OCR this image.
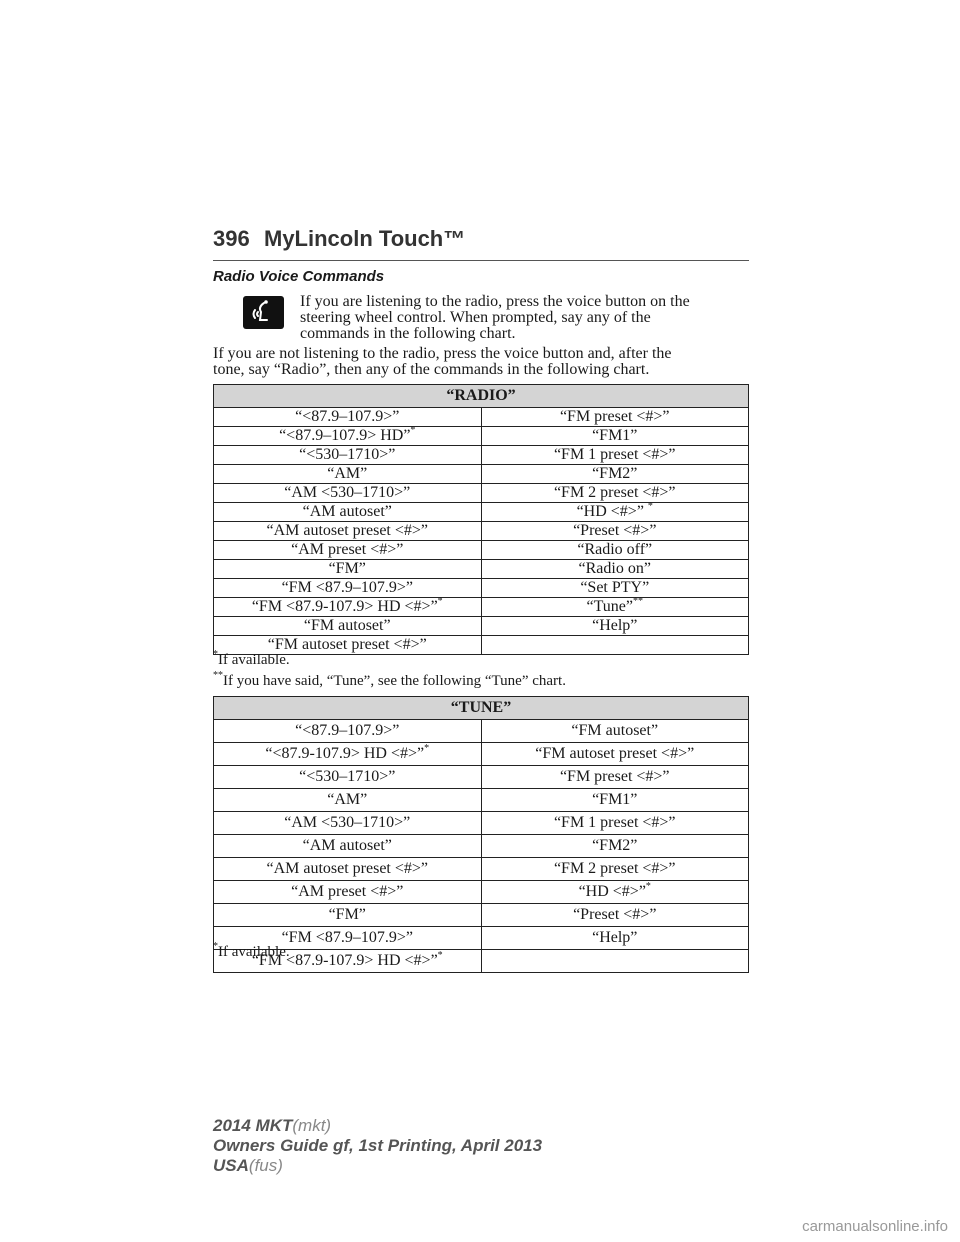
396 MyLincoln Touch™
Radio Voice Commands
If you are listening to the radio, press the voice button on the
steering wheel control. When prompted, say any of the
commands in the following chart.
If you are not listening to the radio, press the voice button and, after the
tone, say “Radio”, then any of the commands in the following chart.
“RADIO”	
“<87.9–107.9>”	“FM preset <#>”
“<87.9–107.9> HD”*	“FM1”
“<530–1710>”	“FM 1 preset <#>”
“AM”	“FM2”
“AM <530–1710>”	“FM 2 preset <#>”
“AM autoset”	“HD <#>” *
“AM autoset preset <#>”	“Preset <#>”
“AM preset <#>”	“Radio off”
“FM”	“Radio on”
“FM <87.9–107.9>”	“Set PTY”
“FM <87.9-107.9> HD <#>”*	“Tune”**
“FM autoset”	“Help”
“FM autoset preset <#>”	
*If available.
**If you have said, “Tune”, see the following “Tune” chart.
“TUNE”	
“<87.9–107.9>”	“FM autoset”
“<87.9-107.9> HD <#>”*	“FM autoset preset <#>”
“<530–1710>”	“FM preset <#>”
“AM”	“FM1”
“AM <530–1710>”	“FM 1 preset <#>”
“AM autoset”	“FM2”
“AM autoset preset <#>”	“FM 2 preset <#>”
“AM preset <#>”	“HD <#>”*
“FM”	“Preset <#>”
“FM <87.9–107.9>”	“Help”
“FM <87.9-107.9> HD <#>”*	
*If available.
2014 MKT(mkt)
Owners Guide gf, 1st Printing, April 2013
USA(fus)
carmanualsonline.info
